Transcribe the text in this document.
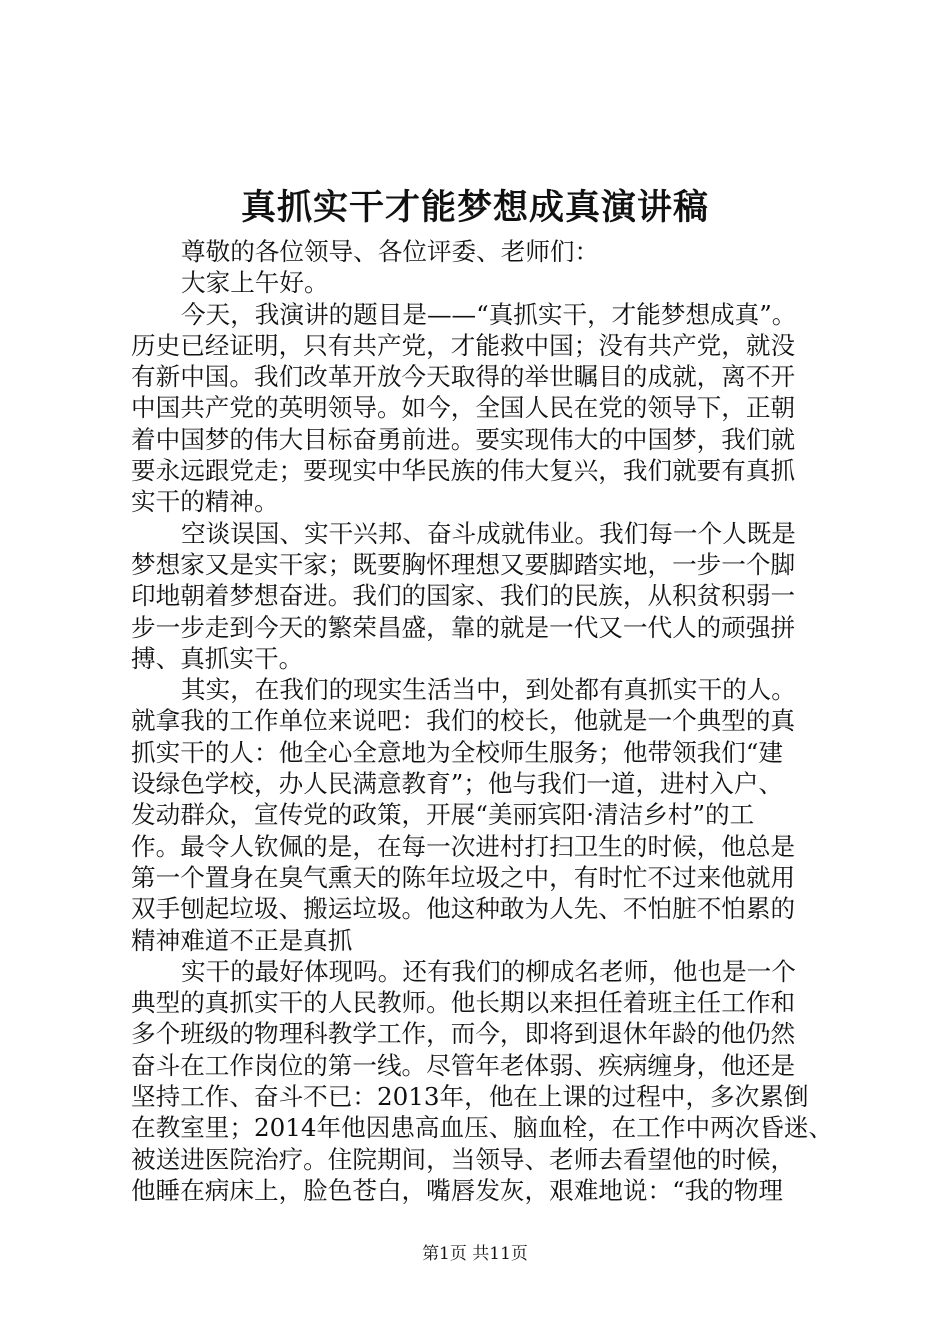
真抓实干才能梦想成真演讲稿
尊敬的各位领导、各位评委、老师们：
大家上午好。
今天，我演讲的题目是——“真抓实干，才能梦想成真”。
历史已经证明，只有共产党，才能救中国；没有共产党，就没
有新中国。我们改革开放今天取得的举世瞩目的成就，离不开
中国共产党的英明领导。如今，全国人民在党的领导下，正朝
着中国梦的伟大目标奋勇前进。要实现伟大的中国梦，我们就
要永远跟党走；要现实中华民族的伟大复兴，我们就要有真抓
实干的精神。
空谈误国、实干兴邦、奋斗成就伟业。我们每一个人既是
梦想家又是实干家；既要胸怀理想又要脚踏实地，一步一个脚
印地朝着梦想奋进。我们的国家、我们的民族，从积贫积弱一
步一步走到今天的繁荣昌盛，靠的就是一代又一代人的顽强拼
搏、真抓实干。
其实，在我们的现实生活当中，到处都有真抓实干的人。
就拿我的工作单位来说吧：我们的校长，他就是一个典型的真
抓实干的人：他全心全意地为全校师生服务；他带领我们“建
设绿色学校，办人民满意教育”；他与我们一道，进村入户、
发动群众，宣传党的政策，开展“美丽宾阳·清洁乡村”的工
作。最令人钦佩的是，在每一次进村打扫卫生的时候，他总是
第一个置身在臭气熏天的陈年垃圾之中，有时忙不过来他就用
双手刨起垃圾、搬运垃圾。他这种敢为人先、不怕脏不怕累的
精神难道不正是真抓
实干的最好体现吗。还有我们的柳成名老师，他也是一个
典型的真抓实干的人民教师。他长期以来担任着班主任工作和
多个班级的物理科教学工作，而今，即将到退休年龄的他仍然
奋斗在工作岗位的第一线。尽管年老体弱、疾病缠身，他还是
坚持工作、奋斗不已：2013年，他在上课的过程中，多次累倒
在教室里；2014年他因患高血压、脑血栓，在工作中两次昏迷、
被送进医院治疗。住院期间，当领导、老师去看望他的时候，
他睡在病床上，脸色苍白，嘴唇发灰，艰难地说：“我的物理
第1页 共11页
